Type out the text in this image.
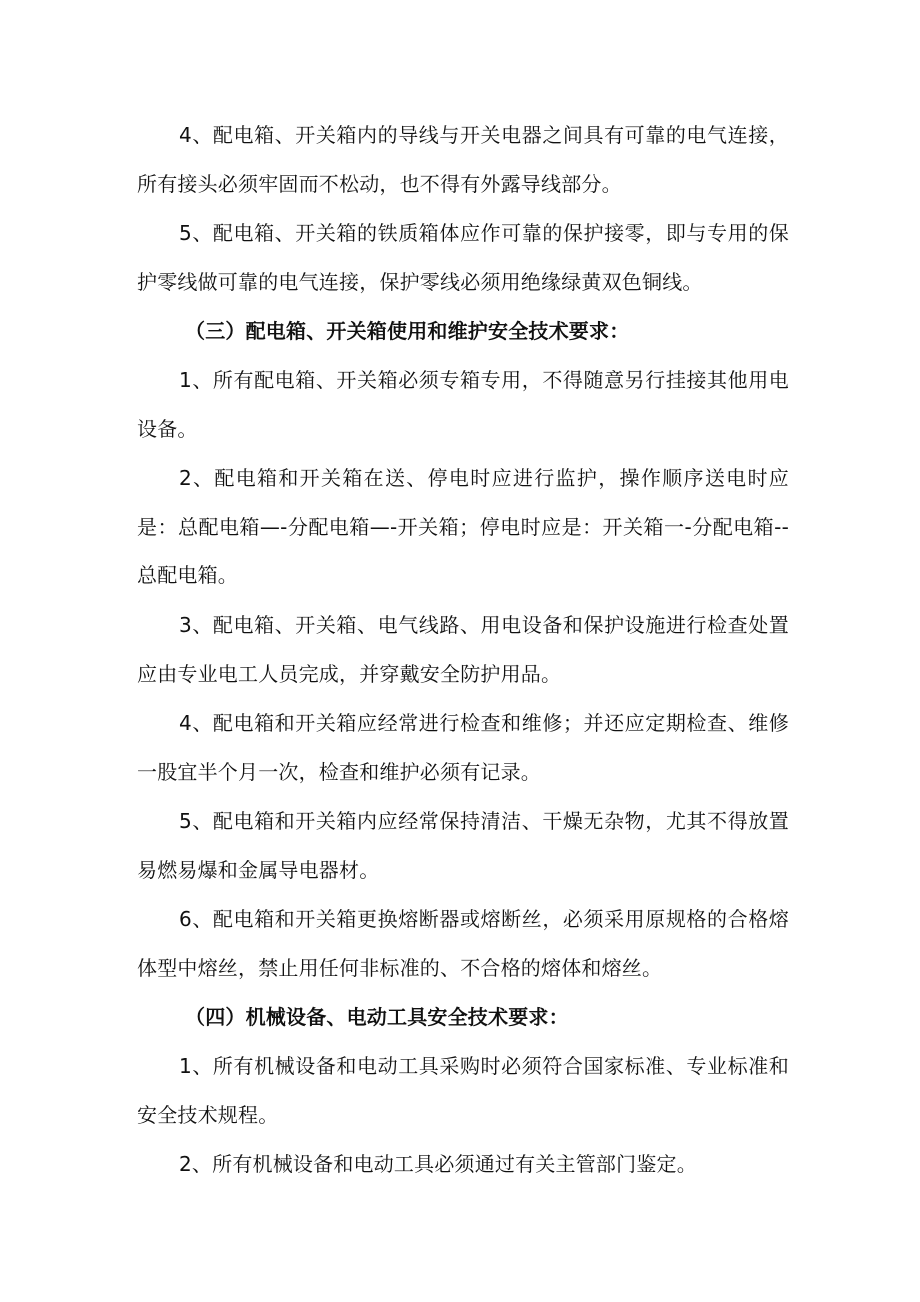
4、配电箱、开关箱内的导线与开关电器之间具有可靠的电气连接，所有接头必须牢固而不松动，也不得有外露导线部分。

5、配电箱、开关箱的铁质箱体应作可靠的保护接零，即与专用的保护零线做可靠的电气连接，保护零线必须用绝缘绿黄双色铜线。

（三）配电箱、开关箱使用和维护安全技术要求：

1、所有配电箱、开关箱必须专箱专用，不得随意另行挂接其他用电设备。

2、配电箱和开关箱在送、停电时应进行监护，操作顺序送电时应是：总配电箱—-分配电箱—-开关箱；停电时应是：开关箱一-分配电箱--总配电箱。

3、配电箱、开关箱、电气线路、用电设备和保护设施进行检查处置应由专业电工人员完成，并穿戴安全防护用品。

4、配电箱和开关箱应经常进行检查和维修；并还应定期检查、维修一股宜半个月一次，检查和维护必须有记录。

5、配电箱和开关箱内应经常保持清洁、干燥无杂物，尤其不得放置易燃易爆和金属导电器材。

6、配电箱和开关箱更换熔断器或熔断丝，必须采用原规格的合格熔体型中熔丝，禁止用任何非标准的、不合格的熔体和熔丝。

（四）机械设备、电动工具安全技术要求：

1、所有机械设备和电动工具采购时必须符合国家标准、专业标准和安全技术规程。

2、所有机械设备和电动工具必须通过有关主管部门鉴定。
